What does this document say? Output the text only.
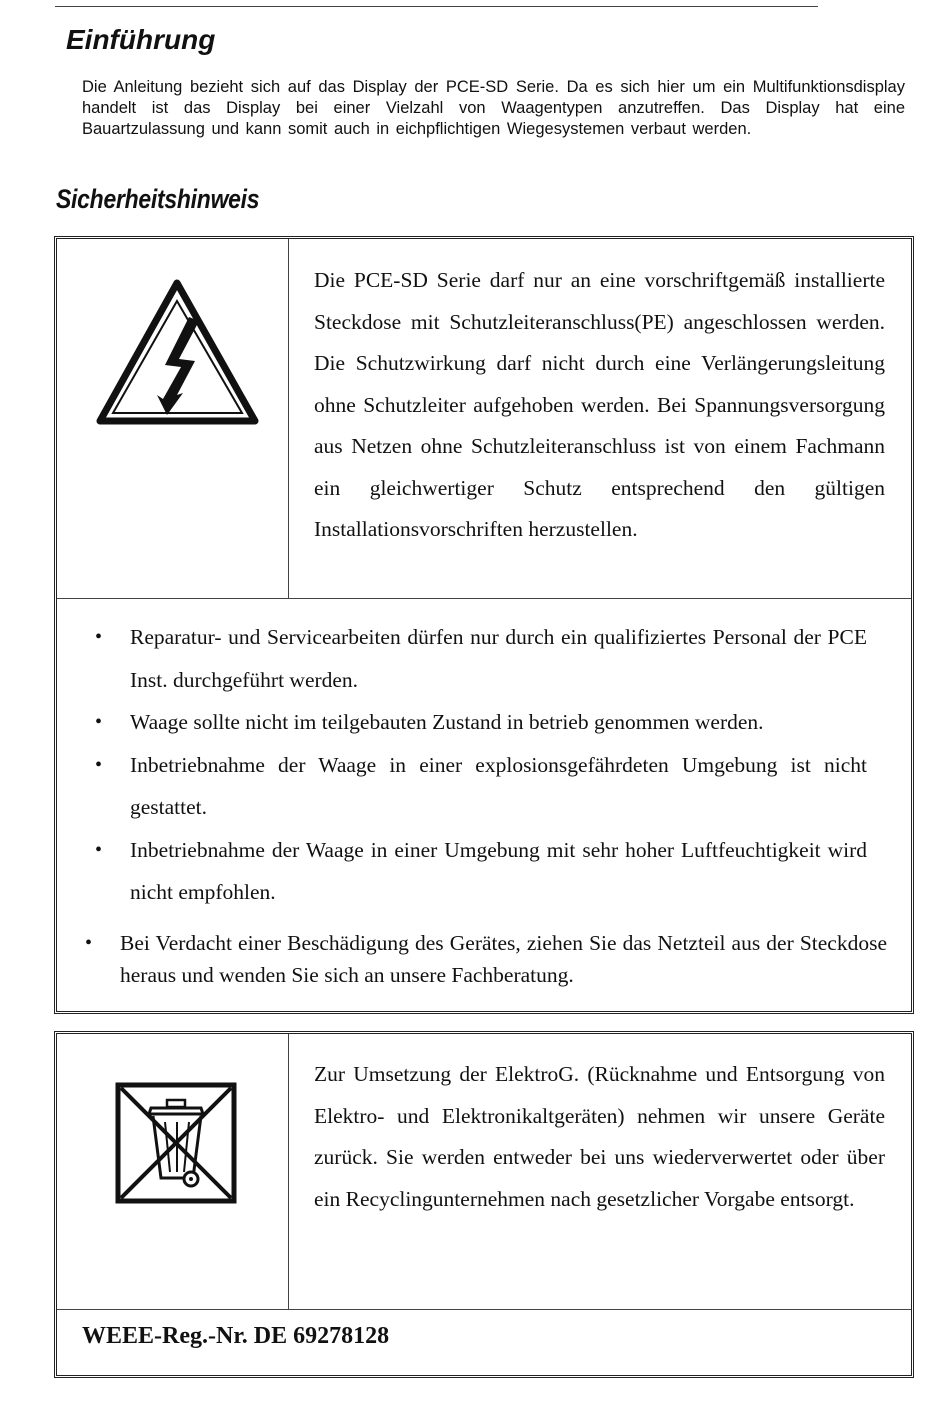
Einführung

Die Anleitung bezieht sich auf das Display der PCE-SD Serie. Da es sich hier um ein Multifunktionsdisplay handelt ist das Display bei einer Vielzahl von Waagentypen anzutreffen. Das Display hat eine Bauartzulassung und kann somit auch in eichpflichtigen Wiegesystemen verbaut werden.

Sicherheitshinweis

Die PCE-SD Serie darf nur an eine vorschriftgemäß installierte Steckdose mit Schutzleiteranschluss(PE) angeschlossen werden. Die Schutzwirkung darf nicht durch eine Verlängerungsleitung ohne Schutzleiter aufgehoben werden. Bei Spannungsversorgung aus Netzen ohne Schutzleiteranschluss ist von einem Fachmann ein gleichwertiger Schutz entsprechend den gültigen Installationsvorschriften herzustellen.

• Reparatur- und Servicearbeiten dürfen nur durch ein qualifiziertes Personal der PCE Inst. durchgeführt werden.
• Waage sollte nicht im teilgebauten Zustand in betrieb genommen werden.
• Inbetriebnahme der Waage in einer explosionsgefährdeten Umgebung ist nicht gestattet.
• Inbetriebnahme der Waage in einer Umgebung mit sehr hoher Luftfeuchtigkeit wird nicht empfohlen.
• Bei Verdacht einer Beschädigung des Gerätes, ziehen Sie das Netzteil aus der Steckdose heraus und wenden Sie sich an unsere Fachberatung.

Zur Umsetzung der ElektroG. (Rücknahme und Entsorgung von Elektro- und Elektronikaltgeräten) nehmen wir unsere Geräte zurück. Sie werden entweder bei uns wiederverwertet oder über ein Recyclingunternehmen nach gesetzlicher Vorgabe entsorgt.

WEEE-Reg.-Nr. DE 69278128
